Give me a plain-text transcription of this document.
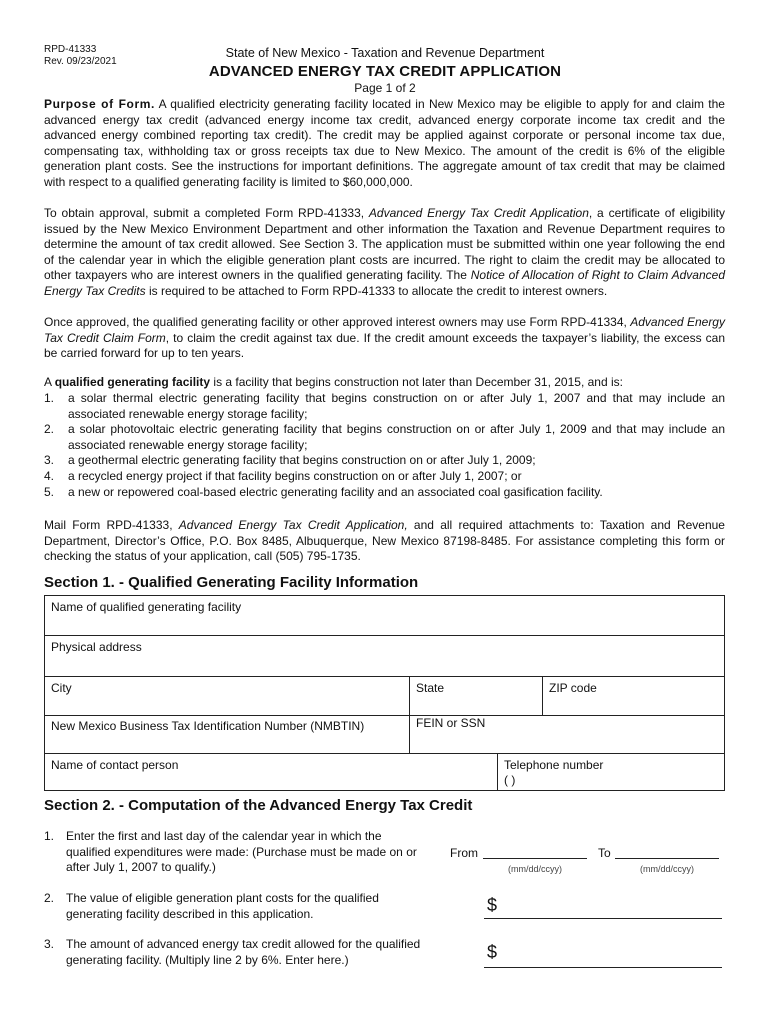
RPD-41333
Rev. 09/23/2021
State of New Mexico - Taxation and Revenue Department
ADVANCED ENERGY TAX CREDIT APPLICATION
Page 1 of 2

Purpose of Form. A qualified electricity generating facility located in New Mexico may be eligible to apply for and claim the advanced energy tax credit (advanced energy income tax credit, advanced energy corporate income tax credit and the advanced energy combined reporting tax credit). The credit may be applied against corporate or personal income tax due, compensating tax, withholding tax or gross receipts tax due to New Mexico. The amount of the credit is 6% of the eligible generation plant costs. See the instructions for important definitions. The aggregate amount of tax credit that may be claimed with respect to a qualified generating facility is limited to $60,000,000.

To obtain approval, submit a completed Form RPD-41333, Advanced Energy Tax Credit Application, a certificate of eligibility issued by the New Mexico Environment Department and other information the Taxation and Revenue Department requires to determine the amount of tax credit allowed. See Section 3. The application must be submitted within one year following the end of the calendar year in which the eligible generation plant costs are incurred. The right to claim the credit may be allocated to other taxpayers who are interest owners in the qualified generating facility. The Notice of Allocation of Right to Claim Advanced Energy Tax Credits is required to be attached to Form RPD-41333 to allocate the credit to interest owners.

Once approved, the qualified generating facility or other approved interest owners may use Form RPD-41334, Advanced Energy Tax Credit Claim Form, to claim the credit against tax due. If the credit amount exceeds the taxpayer’s liability, the excess can be carried forward for up to ten years.

A qualified generating facility is a facility that begins construction not later than December 31, 2015, and is:

1.	a solar thermal electric generating facility that begins construction on or after July 1, 2007 and that may include an associated renewable energy storage facility;
2.	a solar photovoltaic electric generating facility that begins construction on or after July 1, 2009 and that may include an associated renewable energy storage facility;
3.	a geothermal electric generating facility that begins construction on or after July 1, 2009;
4.	a recycled energy project if that facility begins construction on or after July 1, 2007; or
5.	a new or repowered coal-based electric generating facility and an associated coal gasification facility.

Mail Form RPD-41333, Advanced Energy Tax Credit Application, and all required attachments to: Taxation and Revenue Department, Director’s Office, P.O. Box 8485, Albuquerque, New Mexico 87198-8485. For assistance completing this form or checking the status of your application, call (505) 795-1735.

Section 1. - Qualified Generating Facility Information
Name of qualified generating facility
Physical address
City	State	ZIP code
New Mexico Business Tax Identification Number (NMBTIN)	FEIN or SSN
Name of contact person	Telephone number
( )
Section 2. - Computation of the Advanced Energy Tax Credit
1. Enter the first and last day of the calendar year in which the qualified expenditures were made: (Purchase must be made on or after July 1, 2007 to qualify.)
From	To
(mm/dd/ccyy)	(mm/dd/ccyy)
2. The value of eligible generation plant costs for the qualified generating facility described in this application.	$
3. The amount of advanced energy tax credit allowed for the qualified generating facility. (Multiply line 2 by 6%. Enter here.)	$
